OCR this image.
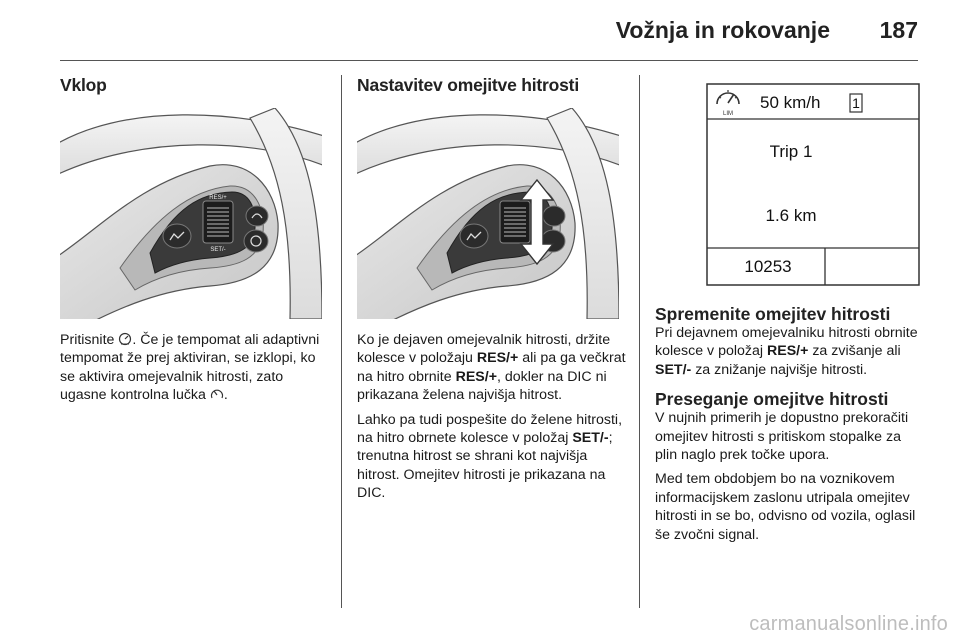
Vožnja in rokovanje 187
Vklop
RES/+
SET/-

Pritisnite . Če je tempomat ali adaptivni tempomat že prej aktiviran, se izklopi, ko se aktivira omejevalnik hitrosti, zato ugasne kontrolna lučka .

Nastavitev omejitve hitrosti

Ko je dejaven omejevalnik hitrosti, držite kolesce v položaju RES/+ ali pa ga večkrat na hitro obrnite RES/+, dokler na DIC ni prikazana želena najvišja hitrost.

Lahko pa tudi pospešite do želene hitrosti, na hitro obrnete kolesce v položaj SET/-; trenutna hitrost se shrani kot najvišja hitrost. Omejitev hitrosti je prikazana na DIC.

LIM
50 km/h 1
Trip 1
1.6 km
10253
Spremenite omejitev hitrosti

Pri dejavnem omejevalniku hitrosti obrnite kolesce v položaj RES/+ za zvišanje ali SET/- za znižanje najvišje hitrosti.

Preseganje omejitve hitrosti

V nujnih primerih je dopustno prekoračiti omejitev hitrosti s pritiskom stopalke za plin naglo prek točke upora.

Med tem obdobjem bo na voznikovem informacijskem zaslonu utripala omejitev hitrosti in se bo, odvisno od vozila, oglasil še zvočni signal.

carmanualsonline.info
